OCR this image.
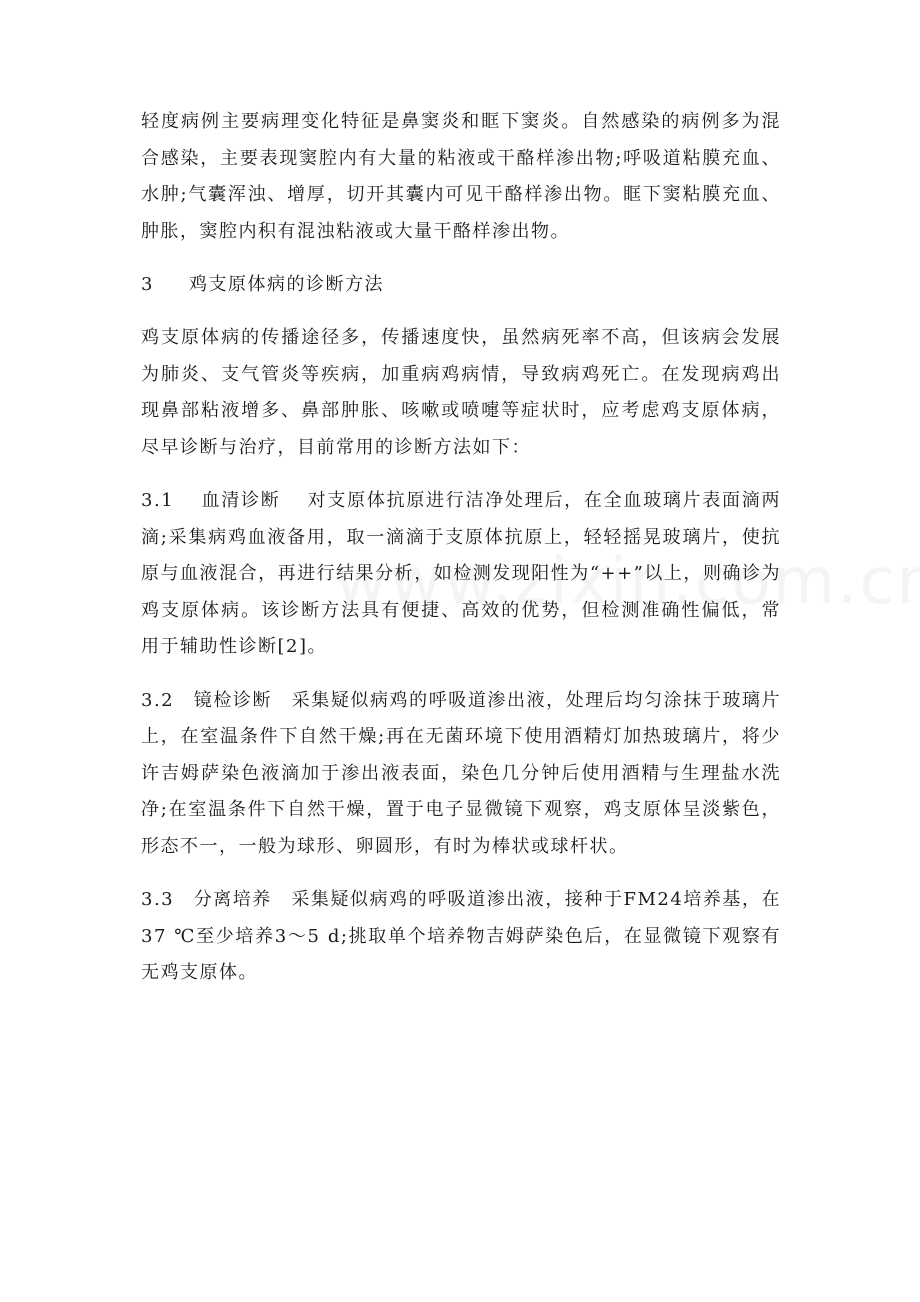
轻度病例主要病理变化特征是鼻窦炎和眶下窦炎。自然感染的病例多为混合感染，主要表现窦腔内有大量的粘液或干酪样渗出物;呼吸道粘膜充血、水肿;气囊浑浊、增厚，切开其囊内可见干酪样渗出物。眶下窦粘膜充血、肿胀，窦腔内积有混浊粘液或大量干酪样渗出物。

3 鸡支原体病的诊断方法

鸡支原体病的传播途径多，传播速度快，虽然病死率不高，但该病会发展为肺炎、支气管炎等疾病，加重病鸡病情，导致病鸡死亡。在发现病鸡出现鼻部粘液增多、鼻部肿胀、咳嗽或喷嚏等症状时，应考虑鸡支原体病，尽早诊断与治疗，目前常用的诊断方法如下：

3.1　 血清诊断　 对支原体抗原进行洁净处理后，在全血玻璃片表面滴两滴;采集病鸡血液备用，取一滴滴于支原体抗原上，轻轻摇晃玻璃片，使抗原与血液混合，再进行结果分析，如检测发现阳性为“++”以上，则确诊为鸡支原体病。该诊断方法具有便捷、高效的优势，但检测准确性偏低，常用于辅助性诊断[2]。

3.2　镜检诊断　采集疑似病鸡的呼吸道渗出液，处理后均匀涂抹于玻璃片上，在室温条件下自然干燥;再在无菌环境下使用酒精灯加热玻璃片，将少许吉姆萨染色液滴加于渗出液表面，染色几分钟后使用酒精与生理盐水洗净;在室温条件下自然干燥，置于电子显微镜下观察，鸡支原体呈淡紫色，形态不一，一般为球形、卵圆形，有时为棒状或球杆状。

3.3　分离培养　采集疑似病鸡的呼吸道渗出液，接种于FM24培养基，在37 ℃至少培养3～5 d;挑取单个培养物吉姆萨染色后，在显微镜下观察有无鸡支原体。
